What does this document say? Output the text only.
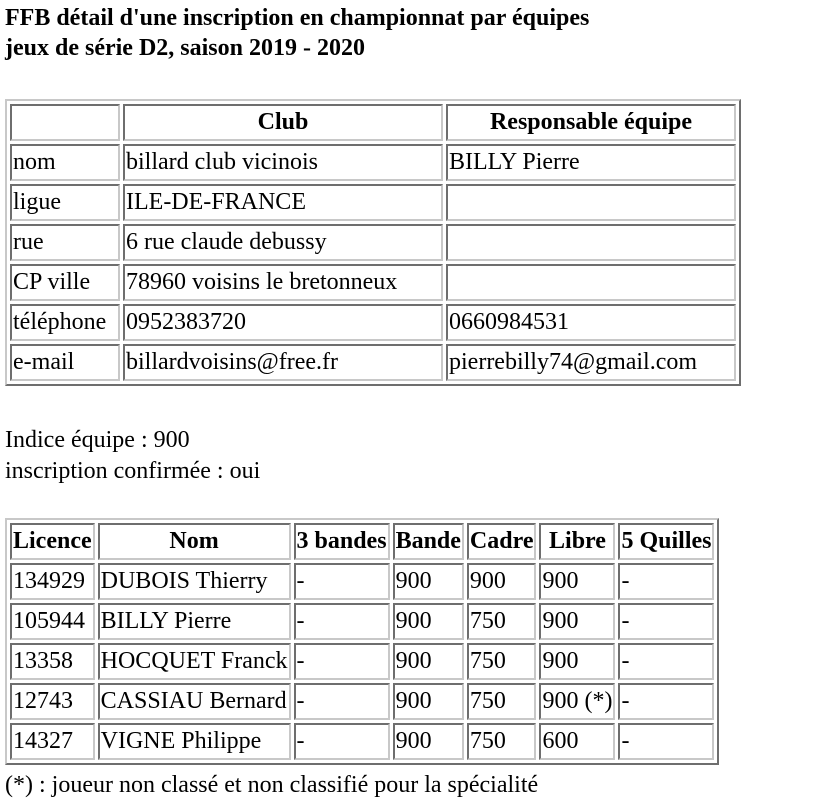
FFB détail d'une inscription en championnat par équipes
jeux de série D2, saison 2019 - 2020
	Club	Responsable équipe
nom	billard club vicinois	BILLY Pierre
ligue	ILE-DE-FRANCE	
rue	6 rue claude debussy	
CP ville	78960 voisins le bretonneux	
téléphone	0952383720	0660984531
e-mail	billardvoisins@free.fr	pierrebilly74@gmail.com
Indice équipe : 900
inscription confirmée : oui
Licence	Nom	3 bandes	Bande	Cadre	Libre	5 Quilles
134929	DUBOIS Thierry	-	900	900	900	-
105944	BILLY Pierre	-	900	750	900	-
13358	HOCQUET Franck	-	900	750	900	-
12743	CASSIAU Bernard	-	900	750	900 (*)	-
14327	VIGNE Philippe	-	900	750	600	-
(*) : joueur non classé et non classifié pour la spécialité
